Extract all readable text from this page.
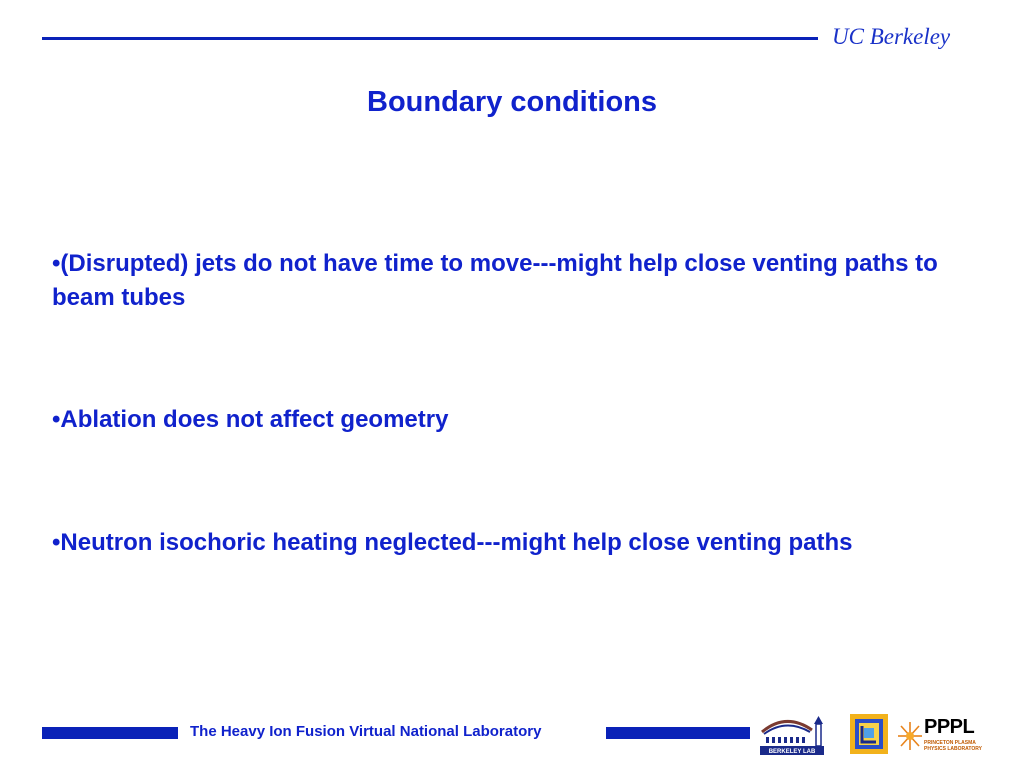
UC Berkeley
Boundary conditions
•(Disrupted) jets do not have time to move---might help close venting paths to beam tubes
•Ablation does not affect geometry
•Neutron isochoric heating neglected---might help close venting paths
The Heavy Ion Fusion Virtual National Laboratory
BERKELEY LAB
PPPL
PRINCETON PLASMA
PHYSICS LABORATORY
